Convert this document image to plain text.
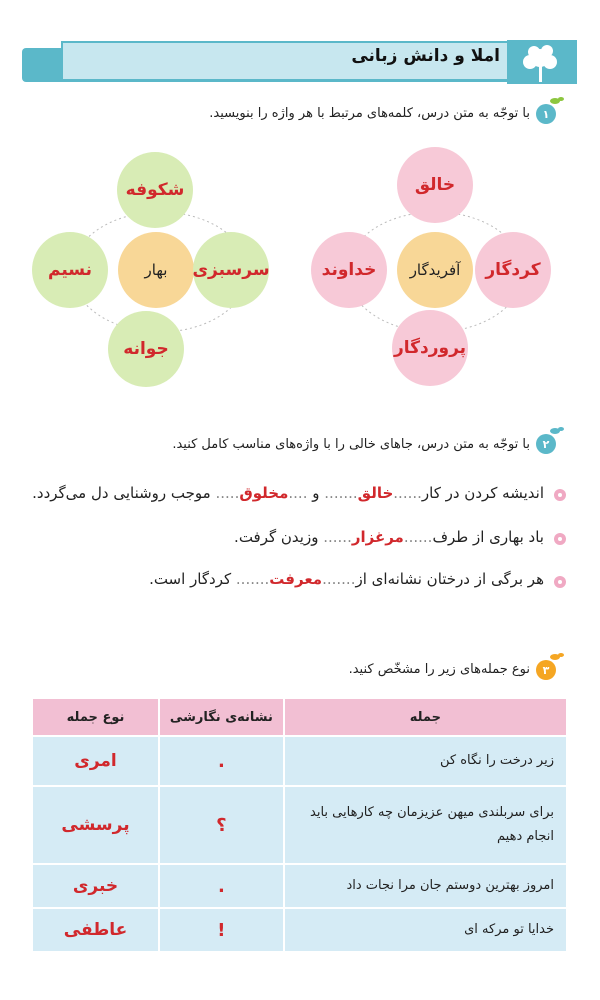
املا و دانش زبانی
۱
با توجّه به متن درس، کلمه‌های مرتبط با هر واژه را بنویسید.
خالق
خداوند	آفریدگار	کردگار
پروردگار
شکوفه
نسیم	بهار سرسبزی
جوانه
۲
با توجّه به متن درس، جاهای خالی را با واژه‌های مناسب کامل کنید.
اندیشه کردن در کار......خالق....... و ....مخلوق..... موجب روشنایی دل می‌گردد.
باد بهاری از طرف......مرغزار...... وزیدن گرفت.
هر برگی از درختان نشانه‌ای از.......معرفت....... کردگار است.
۳
نوع جمله‌های زیر را مشخّص کنید.
جمله	نشانه‌ی نگارشی	نوع جمله
زیر درخت را نگاه کن	.	امری
برای سربلندی میهن عزیزمان چه کارهایی باید انجام دهیم	؟	پرسشی
امروز بهترین دوستم جان مرا نجات داد	.	خبری
خدایا تو مرکه ای	!	عاطفی
